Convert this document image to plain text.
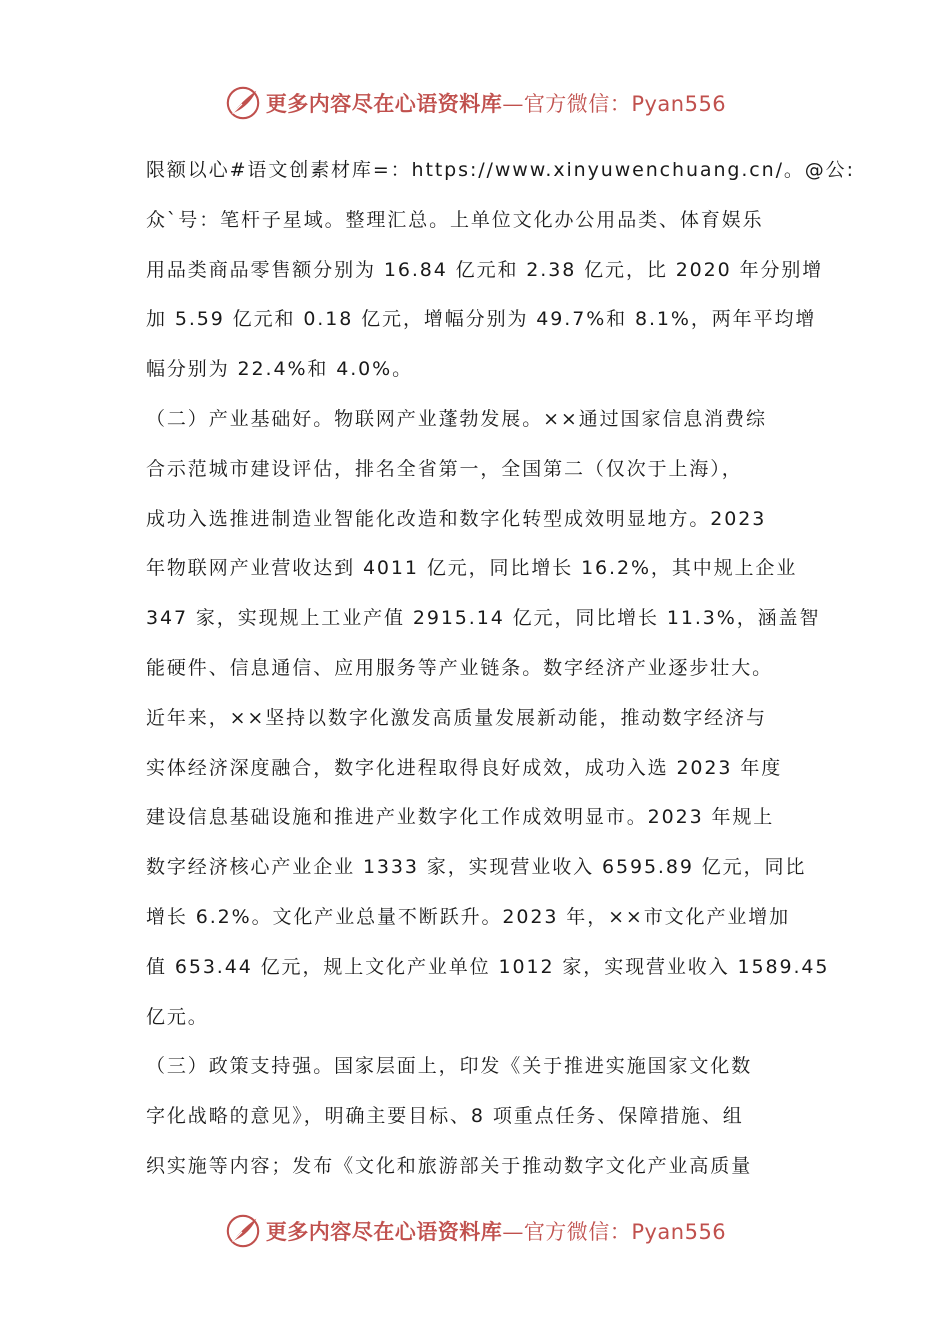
更多内容尽在心语资料库—官方微信：Pyan556
限额以心#语文创素材库=：https://www.xinyuwenchuang.cn/。@公:
众`号：笔杆子星域。整理汇总。上单位文化办公用品类、体育娱乐
用品类商品零售额分别为 16.84 亿元和 2.38 亿元，比 2020 年分别增
加 5.59 亿元和 0.18 亿元，增幅分别为 49.7%和 8.1%，两年平均增
幅分别为 22.4%和 4.0%。
（二）产业基础好。物联网产业蓬勃发展。××通过国家信息消费综
合示范城市建设评估，排名全省第一，全国第二（仅次于上海），
成功入选推进制造业智能化改造和数字化转型成效明显地方。2023
年物联网产业营收达到 4011 亿元，同比增长 16.2%，其中规上企业
347 家，实现规上工业产值 2915.14 亿元，同比增长 11.3%，涵盖智
能硬件、信息通信、应用服务等产业链条。数字经济产业逐步壮大。
近年来，××坚持以数字化激发高质量发展新动能，推动数字经济与
实体经济深度融合，数字化进程取得良好成效，成功入选 2023 年度
建设信息基础设施和推进产业数字化工作成效明显市。2023 年规上
数字经济核心产业企业 1333 家，实现营业收入 6595.89 亿元，同比
增长 6.2%。文化产业总量不断跃升。2023 年，××市文化产业增加
值 653.44 亿元，规上文化产业单位 1012 家，实现营业收入 1589.45
亿元。
（三）政策支持强。国家层面上，印发《关于推进实施国家文化数
字化战略的意见》，明确主要目标、8 项重点任务、保障措施、组
织实施等内容；发布《文化和旅游部关于推动数字文化产业高质量
更多内容尽在心语资料库—官方微信：Pyan556
